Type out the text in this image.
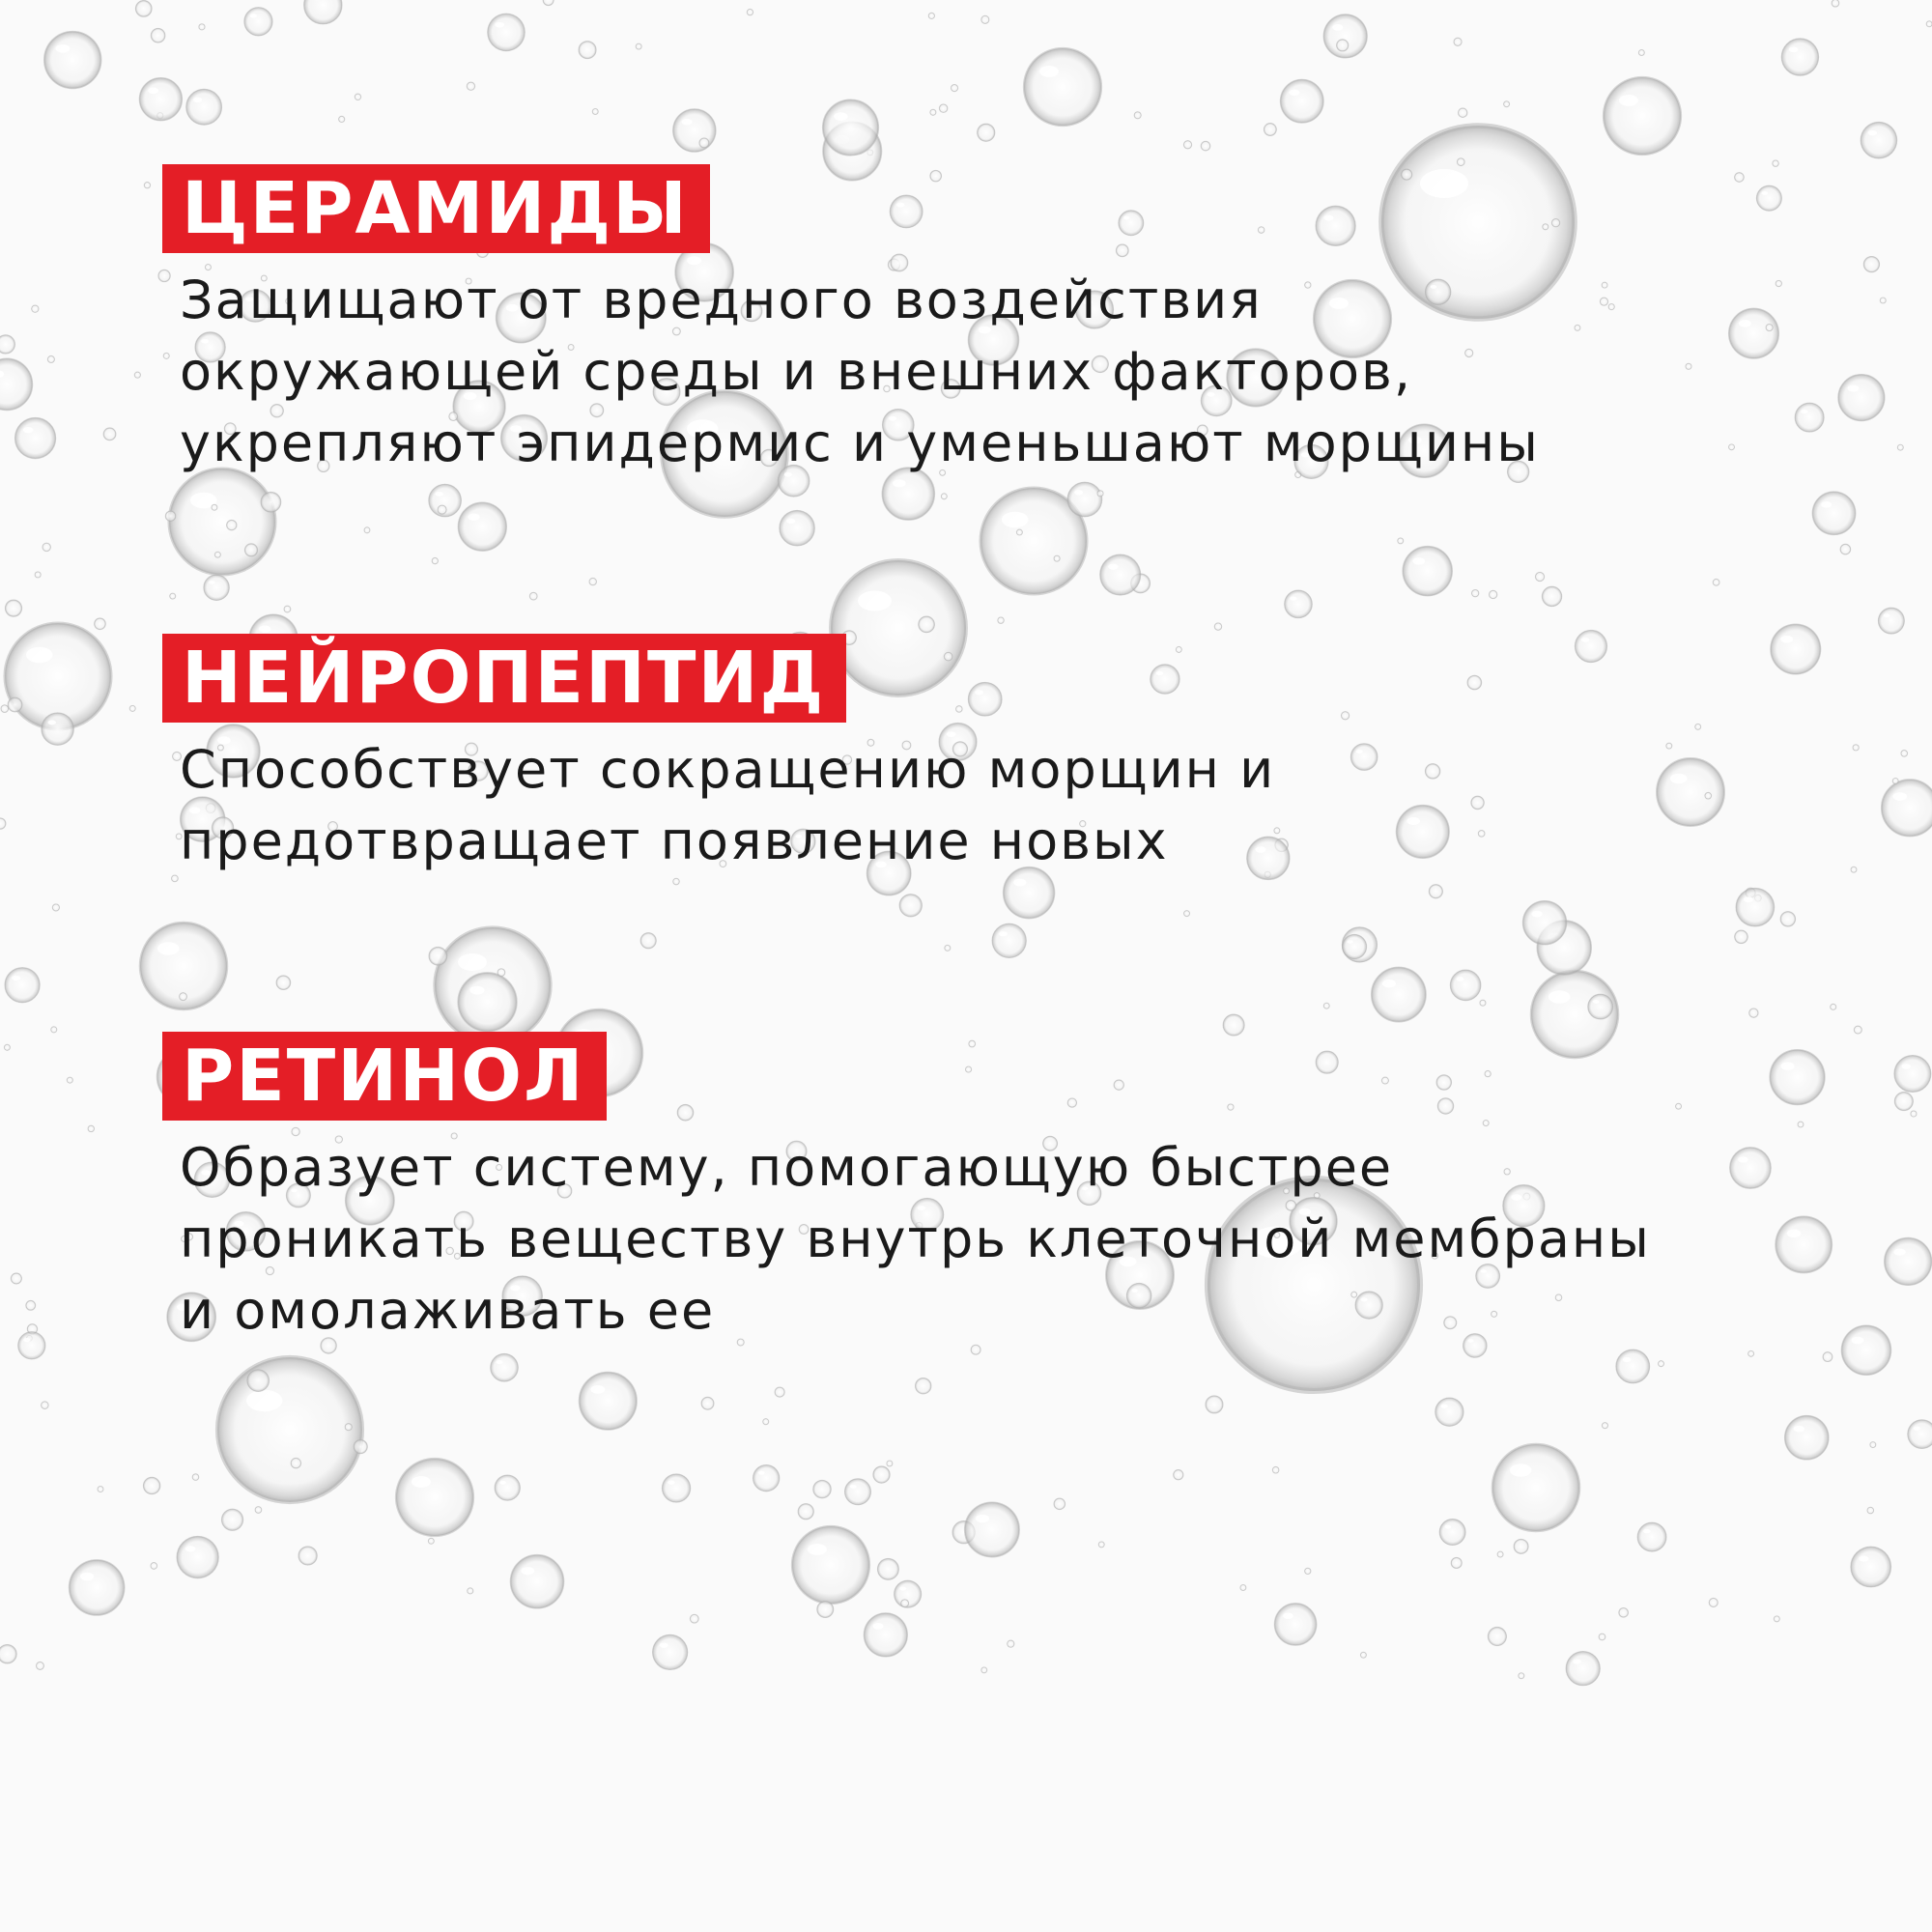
ЦЕРАМИДЫ
Защищают от вредного воздействия
окружающей среды и внешних факторов,
укрепляют эпидермис и уменьшают морщины
НЕЙРОПЕПТИД
Способствует сокращению морщин и
предотвращает появление новых
РЕТИНОЛ
Образует систему, помогающую быстрее
проникать веществу внутрь клеточной мембраны
и омолаживать ее
